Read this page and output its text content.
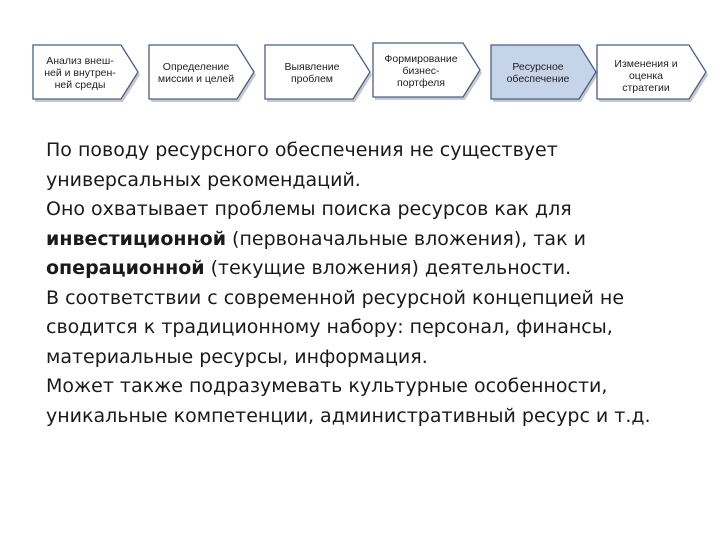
Анализ внеш-
ней и внутрен-
ней среды
Определение
миссии и целей
Выявление
проблем
Формирование
бизнес-
портфеля
Ресурсное
обеспечение
Изменения и
оценка
стратегии

По поводу ресурсного обеспечения не существует универсальных рекомендаций.

Оно охватывает проблемы поиска ресурсов как для инвестиционной (первоначальные вложения), так и операционной (текущие вложения) деятельности.

В соответствии с современной ресурсной концепцией не сводится к традиционному набору: персонал, финансы, материальные ресурсы, информация.

Может также подразумевать культурные особенности, уникальные компетенции, административный ресурс и т.д.
